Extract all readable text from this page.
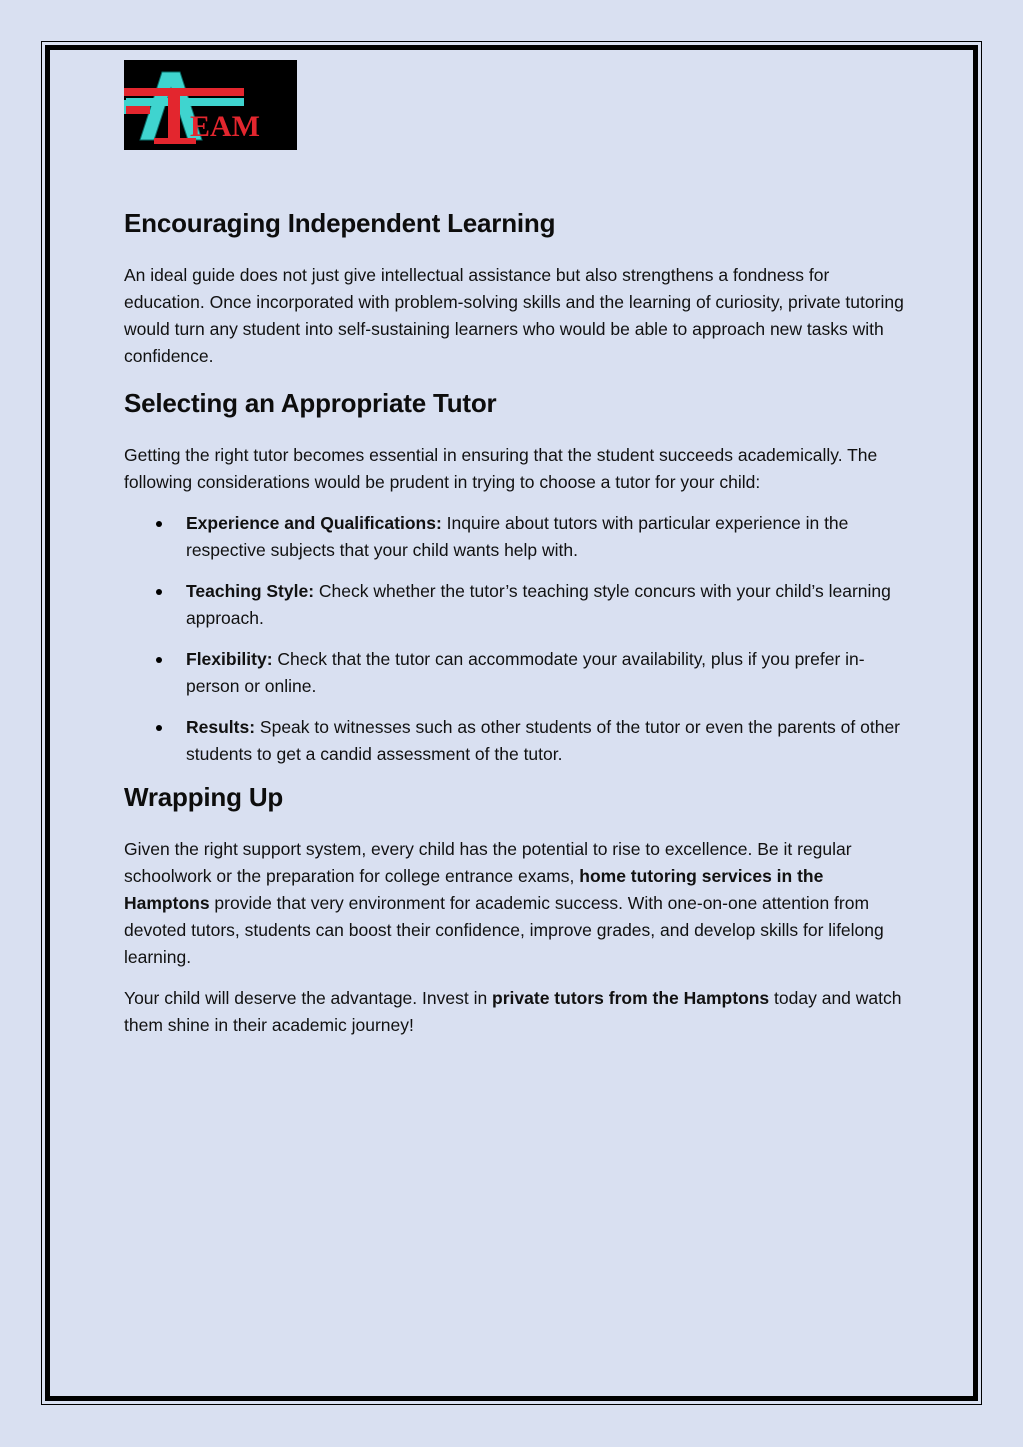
EAM
Encouraging Independent Learning

An ideal guide does not just give intellectual assistance but also strengthens a fondness for education. Once incorporated with problem-solving skills and the learning of curiosity, private tutoring would turn any student into self-sustaining learners who would be able to approach new tasks with confidence.

Selecting an Appropriate Tutor

Getting the right tutor becomes essential in ensuring that the student succeeds academically. The following considerations would be prudent in trying to choose a tutor for your child:

Experience and Qualifications: Inquire about tutors with particular experience in the respective subjects that your child wants help with.
Teaching Style: Check whether the tutor’s teaching style concurs with your child’s learning approach.
Flexibility: Check that the tutor can accommodate your availability, plus if you prefer in-person or online.
Results: Speak to witnesses such as other students of the tutor or even the parents of other students to get a candid assessment of the tutor.
Wrapping Up

Given the right support system, every child has the potential to rise to excellence. Be it regular schoolwork or the preparation for college entrance exams, home tutoring services in the Hamptons provide that very environment for academic success. With one-on-one attention from devoted tutors, students can boost their confidence, improve grades, and develop skills for lifelong learning.

Your child will deserve the advantage. Invest in private tutors from the Hamptons today and watch them shine in their academic journey!
